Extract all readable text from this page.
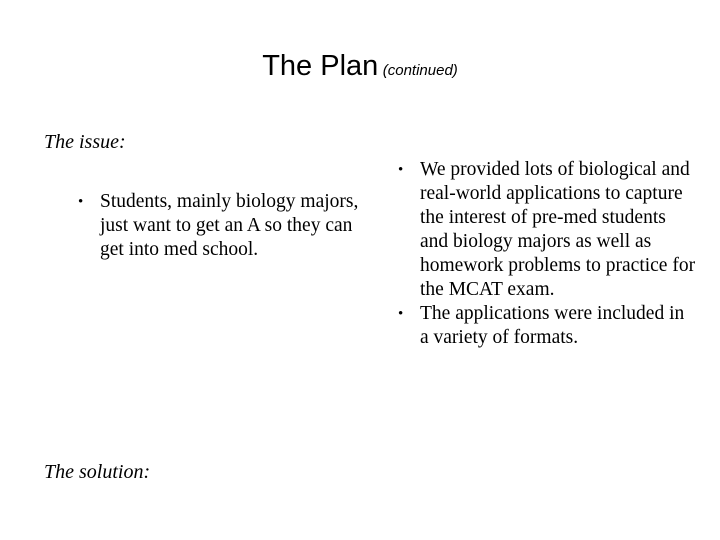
The Plan (continued)
The issue:
• Students, mainly biology majors, just want to get an A so they can get into med school.
• We provided lots of biological and real-world applications to capture the interest of pre-med students and biology majors as well as homework problems to practice for the MCAT exam.
• The applications were included in a variety of formats.
The solution:
